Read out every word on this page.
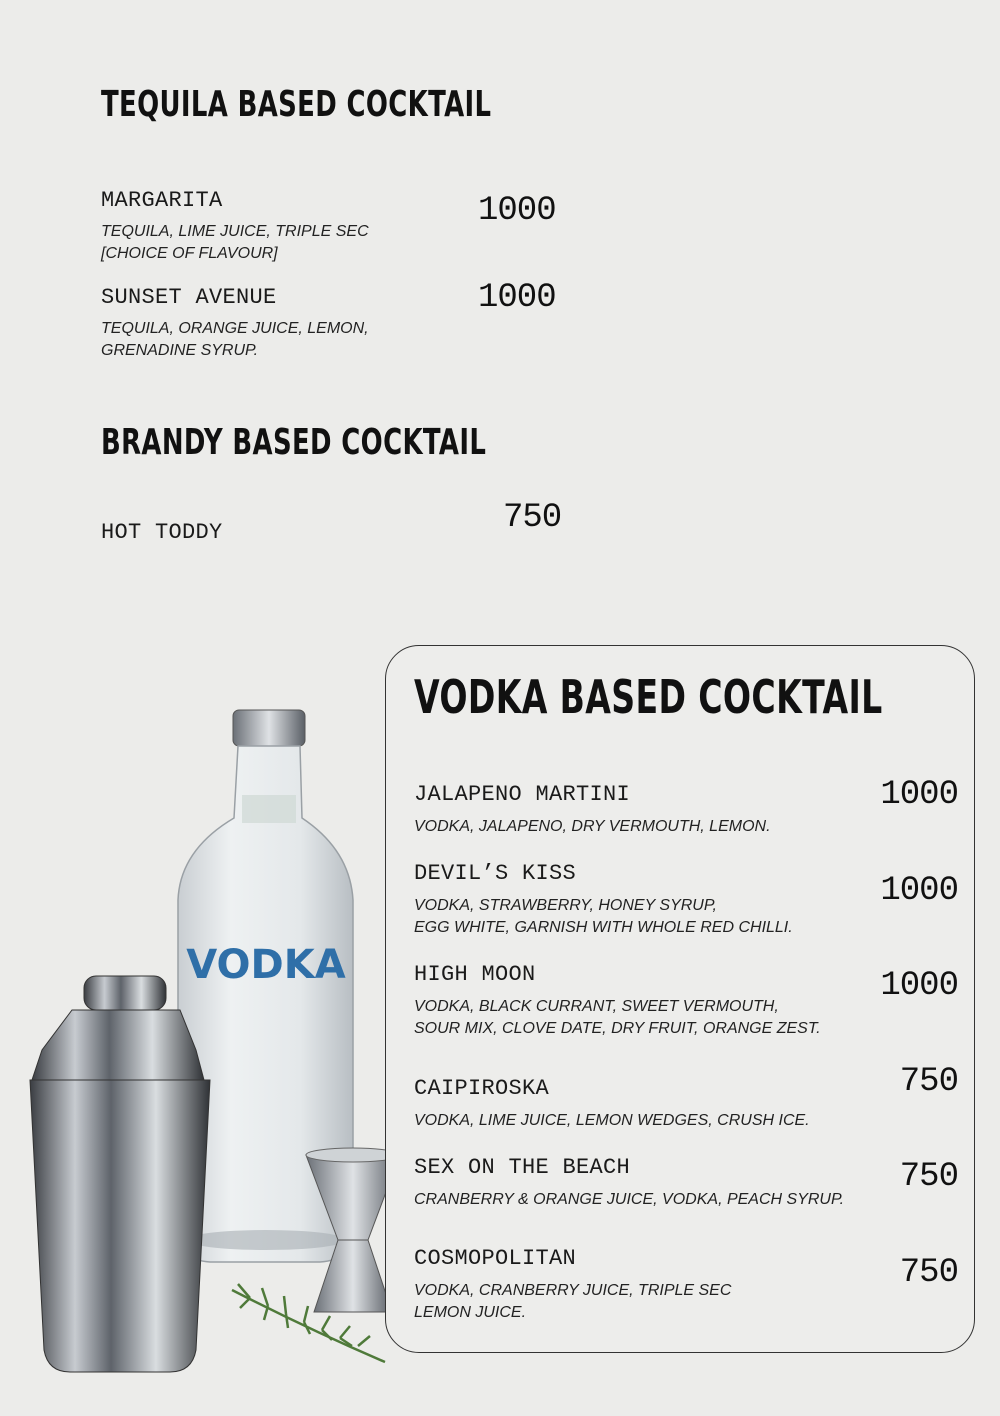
TEQUILA BASED COCKTAIL
MARGARITA
TEQUILA, LIME JUICE, TRIPLE SEC
[CHOICE OF FLAVOUR]
1000
SUNSET AVENUE
TEQUILA, ORANGE JUICE, LEMON,
GRENADINE SYRUP.
1000
BRANDY BASED COCKTAIL
HOT TODDY	750
VODKA
VODKA BASED COCKTAIL
JALAPENO MARTINI
VODKA, JALAPENO, DRY VERMOUTH, LEMON.
1000
DEVIL’S KISS
VODKA, STRAWBERRY, HONEY SYRUP,
EGG WHITE, GARNISH WITH WHOLE RED CHILLI.
1000
HIGH MOON
VODKA, BLACK CURRANT, SWEET VERMOUTH,
SOUR MIX, CLOVE DATE, DRY FRUIT, ORANGE ZEST.
1000
CAIPIROSKA
VODKA, LIME JUICE, LEMON WEDGES, CRUSH ICE.
750
SEX ON THE BEACH
CRANBERRY & ORANGE JUICE, VODKA, PEACH SYRUP.
750
COSMOPOLITAN
VODKA, CRANBERRY JUICE, TRIPLE SEC
LEMON JUICE.
750
